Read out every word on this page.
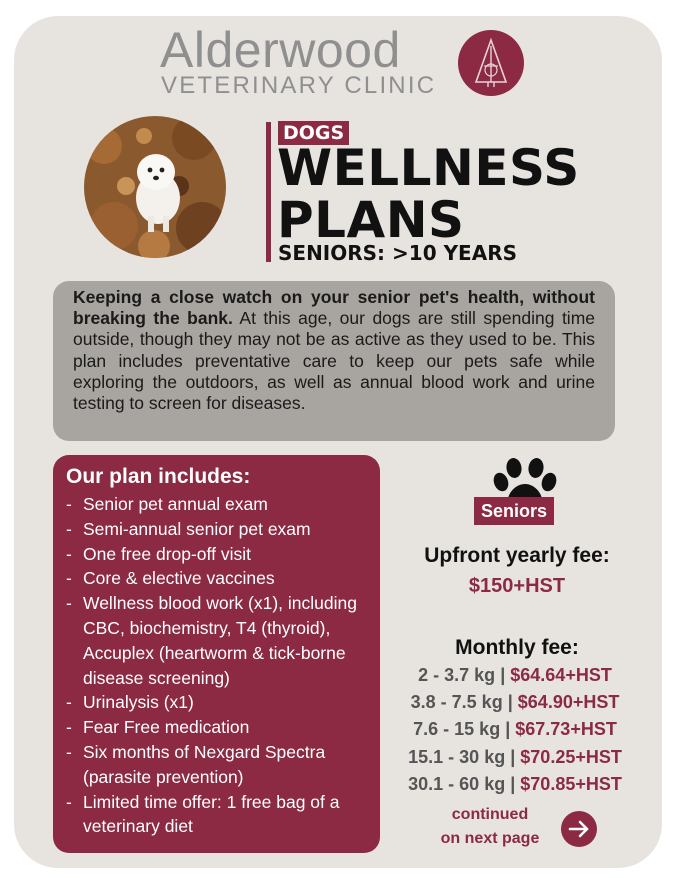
Alderwood
VETERINARY CLINIC
DOGS
WELLNESS
PLANS
SENIORS: >10 YEARS
Keeping a close watch on your senior pet's health, without breaking the bank. At this age, our dogs are still spending time outside, though they may not be as active as they used to be. This plan includes preventative care to keep our pets safe while exploring the outdoors, as well as annual blood work and urine testing to screen for diseases.
Our plan includes:
- Senior pet annual exam
- Semi-annual senior pet exam
- One free drop-off visit
- Core & elective vaccines
- Wellness blood work (x1), including CBC, biochemistry, T4 (thyroid), Accuplex (heartworm & tick-borne disease screening)
- Urinalysis (x1)
- Fear Free medication
- Six months of Nexgard Spectra (parasite prevention)
- Limited time offer: 1 free bag of a veterinary diet
Seniors
Upfront yearly fee:
$150+HST
Monthly fee:
2 - 3.7 kg | $64.64+HST
3.8 - 7.5 kg | $64.90+HST
7.6 - 15 kg | $67.73+HST
15.1 - 30 kg | $70.25+HST
30.1 - 60 kg | $70.85+HST
continued
on next page
